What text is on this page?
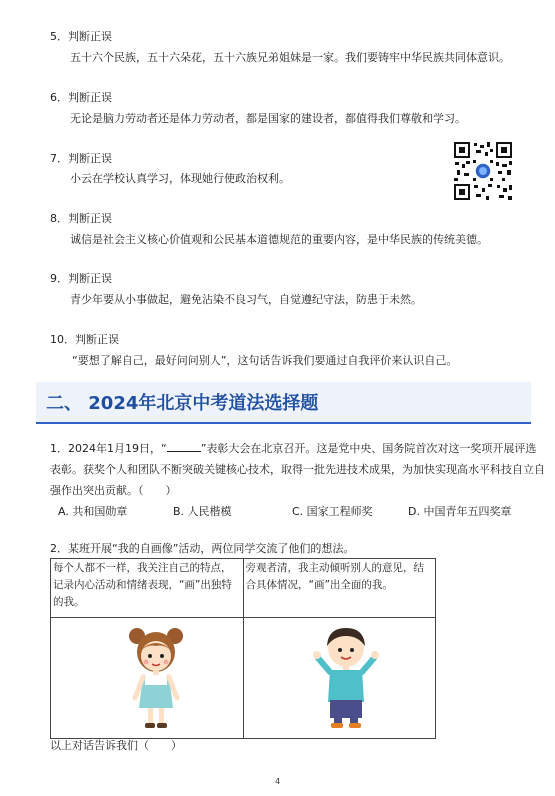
5．判断正误
五十六个民族，五十六朵花，五十六族兄弟姐妹是一家。我们要铸牢中华民族共同体意识。
6．判断正误
无论是脑力劳动者还是体力劳动者，都是国家的建设者，都值得我们尊敬和学习。
7．判断正误
小云在学校认真学习，体现她行使政治权利。
8．判断正误
诚信是社会主义核心价值观和公民基本道德规范的重要内容，是中华民族的传统美德。
9．判断正误
青少年要从小事做起，避免沾染不良习气，自觉遵纪守法，防患于未然。
10．判断正误
“要想了解自己，最好问问别人”，这句话告诉我们要通过自我评价来认识自己。
二、 2024年北京中考道法选择题
1．2024年1月19日，“	”表彰大会在北京召开。这是党中央、国务院首次对这一奖项开展评选
表彰。获奖个人和团队不断突破关键核心技术，取得一批先进技术成果，为加快实现高水平科技自立自
强作出突出贡献。（　　）
A. 共和国勋章	B. 人民楷模	C. 国家工程师奖	D. 中国青年五四奖章
2．某班开展“我的自画像”活动，两位同学交流了他们的想法。
每个人都不一样，我关注自己的特点，记录内心活动和情绪表现，“画”出独特的我。	旁观者清，我主动倾听别人的意见，结合具体情况，“画”出全面的我。

以上对话告诉我们（　　）
4
